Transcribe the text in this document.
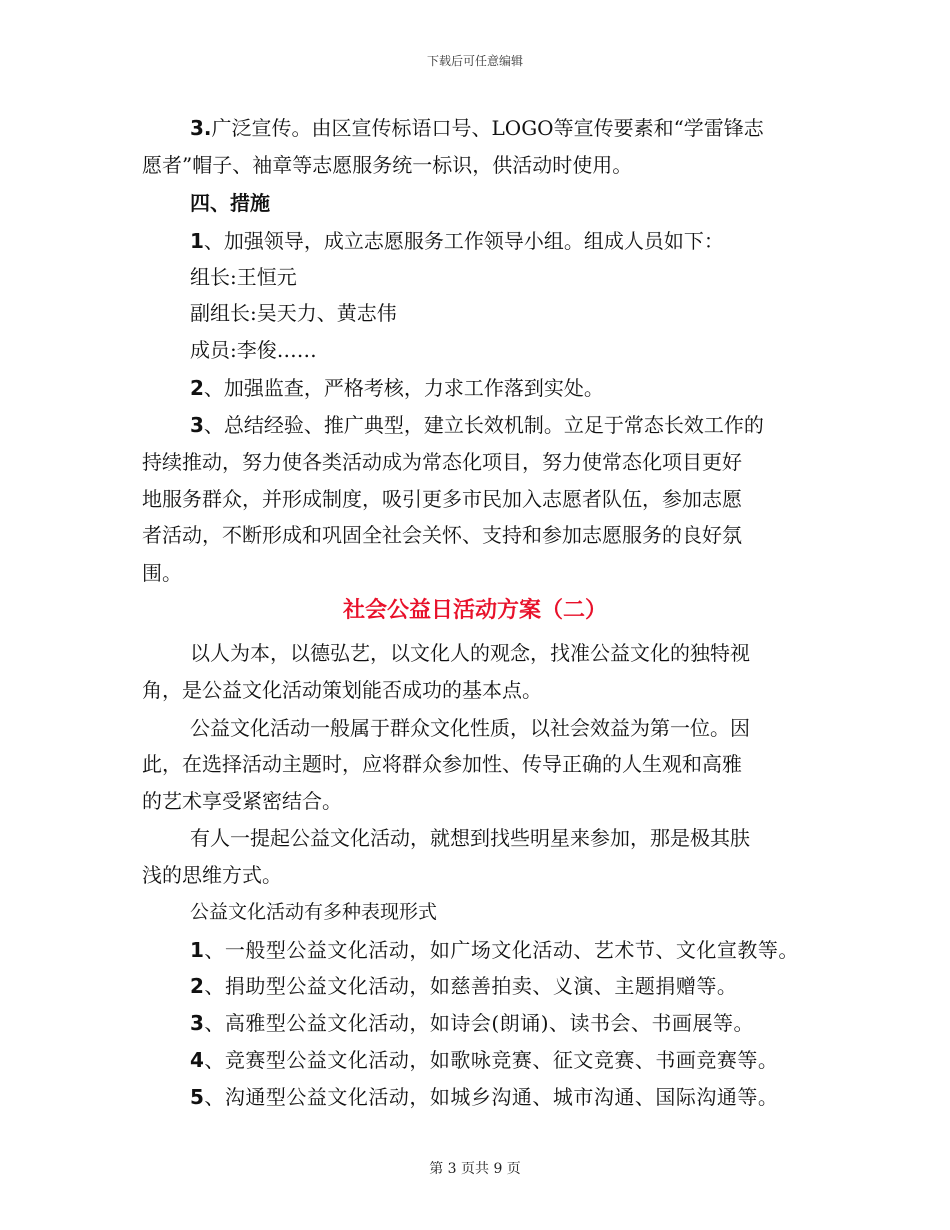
下载后可任意编辑
3.广泛宣传。由区宣传标语口号、LOGO等宣传要素和“学雷锋志
愿者”帽子、袖章等志愿服务统一标识，供活动时使用。
四、措施
1、加强领导，成立志愿服务工作领导小组。组成人员如下：
组长:王恒元
副组长:吴天力、黄志伟
成员:李俊……
2、加强监查，严格考核，力求工作落到实处。
3、总结经验、推广典型，建立长效机制。立足于常态长效工作的
持续推动，努力使各类活动成为常态化项目，努力使常态化项目更好
地服务群众，并形成制度，吸引更多市民加入志愿者队伍，参加志愿
者活动，不断形成和巩固全社会关怀、支持和参加志愿服务的良好氛
围。
社会公益日活动方案（二）
以人为本，以德弘艺，以文化人的观念，找准公益文化的独特视
角，是公益文化活动策划能否成功的基本点。
公益文化活动一般属于群众文化性质，以社会效益为第一位。因
此，在选择活动主题时，应将群众参加性、传导正确的人生观和高雅
的艺术享受紧密结合。
有人一提起公益文化活动，就想到找些明星来参加，那是极其肤
浅的思维方式。
公益文化活动有多种表现形式
1、一般型公益文化活动，如广场文化活动、艺术节、文化宣教等。
2、捐助型公益文化活动，如慈善拍卖、义演、主题捐赠等。
3、高雅型公益文化活动，如诗会(朗诵)、读书会、书画展等。
4、竞赛型公益文化活动，如歌咏竞赛、征文竞赛、书画竞赛等。
5、沟通型公益文化活动，如城乡沟通、城市沟通、国际沟通等。
第 3 页共 9 页
